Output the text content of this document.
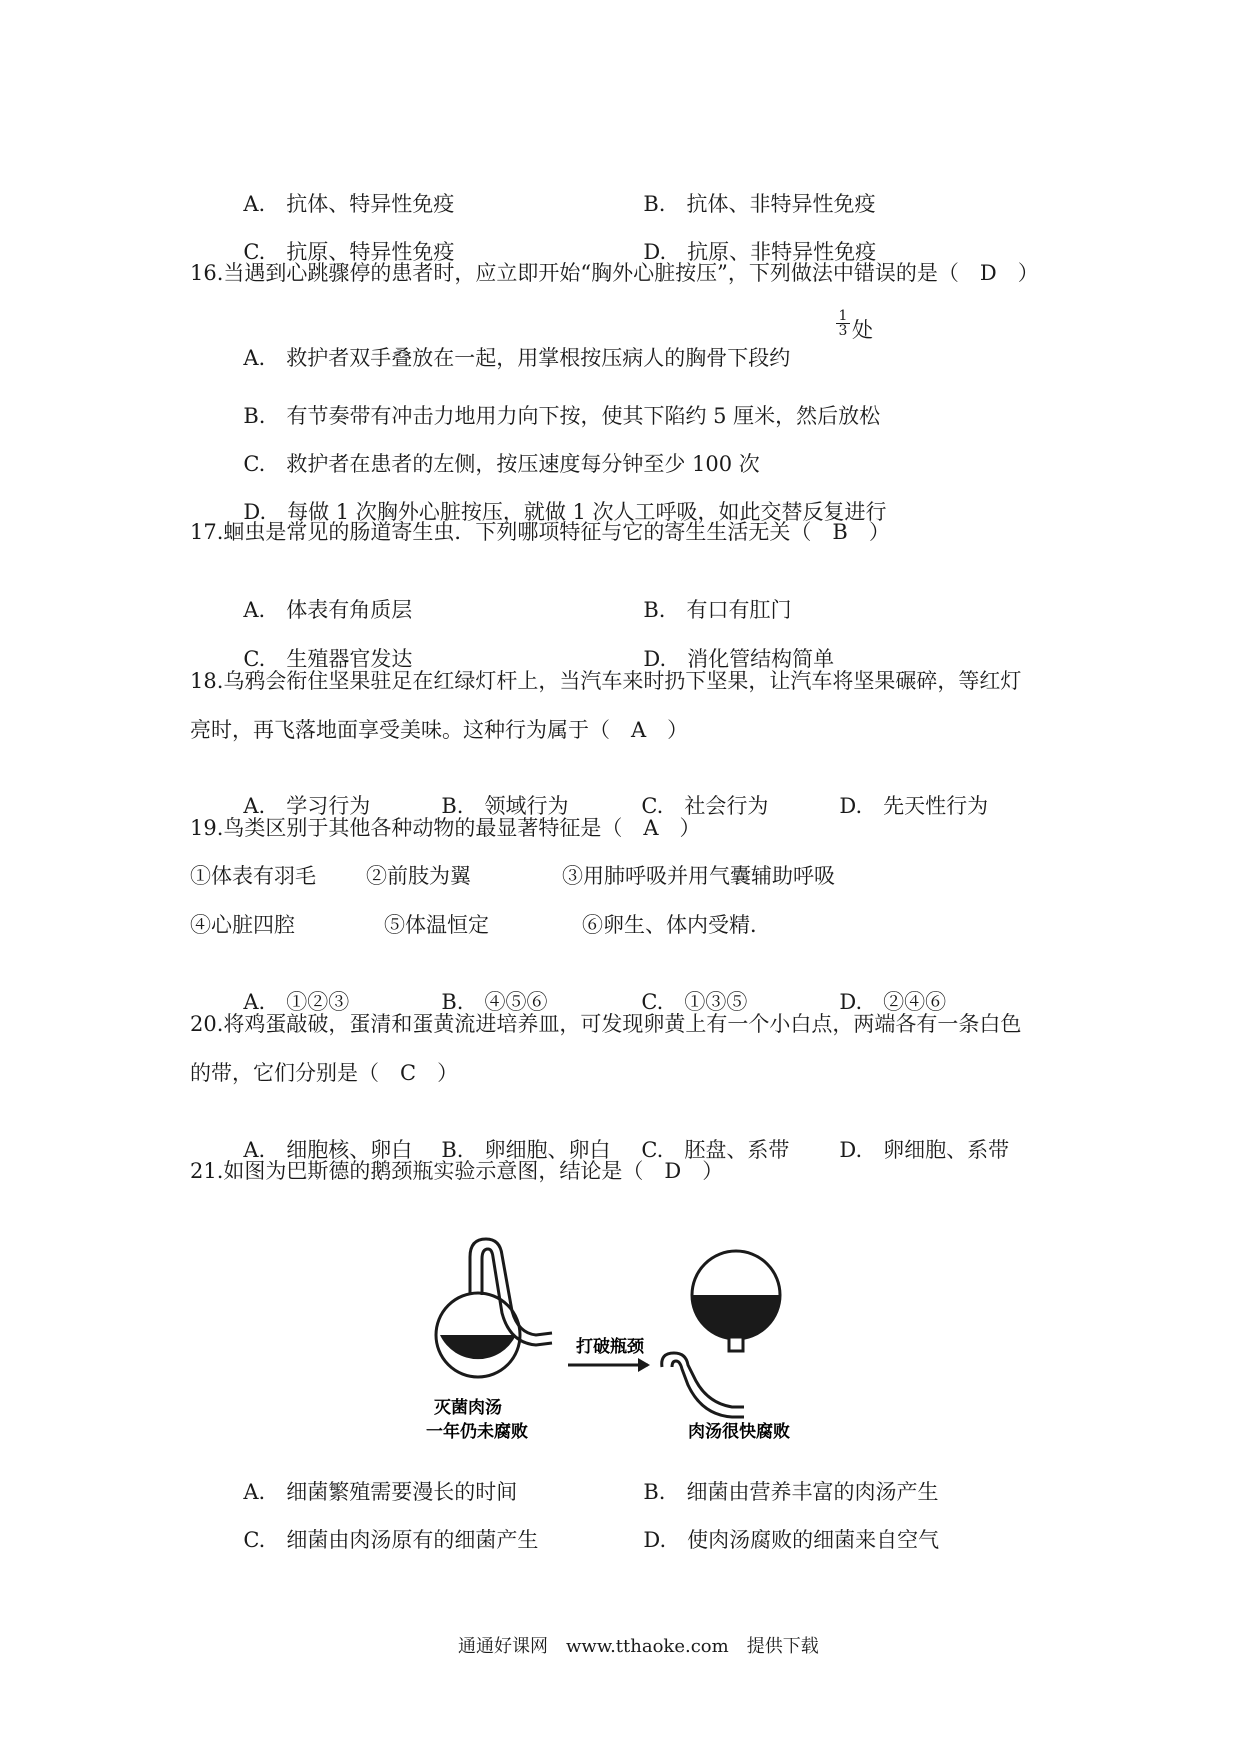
A.　 抗体、特异性免疫	B.　 抗体、非特异性免疫

C.　 抗原、特异性免疫	D.　 抗原、非特异性免疫

16.当遇到心跳骤停的患者时，应立即开始“胸外心脏按压”，下列做法中错误的是（　D　）

A.　 救护者双手叠放在一起，用掌根按压病人的胸骨下段约

$\frac{1}{3}$ 处

B.　 有节奏带有冲击力地用力向下按，使其下陷约 5 厘米，然后放松

C.　 救护者在患者的左侧，按压速度每分钟至少 100 次

D.　 每做 1 次胸外心脏按压，就做 1 次人工呼吸，如此交替反复进行

17.蛔虫是常见的肠道寄生虫．下列哪项特征与它的寄生生活无关（　B　）

A.　 体表有角质层	B.　 有口有肛门

C.　 生殖器官发达	D.　 消化管结构简单

18.乌鸦会衔住坚果驻足在红绿灯杆上，当汽车来时扔下坚果，让汽车将坚果碾碎，等红灯
亮时，再飞落地面享受美味。这种行为属于（　A　）

A.　 学习行为	B.　 领域行为	C.　 社会行为	D.　 先天性行为

19.鸟类区别于其他各种动物的最显著特征是（　A　）
①体表有羽毛 ②前肢为翼	③用肺呼吸并用气囊辅助呼吸
④心脏四腔	⑤体温恒定	⑥卵生、体内受精．

A.　 ①②③	B.　 ④⑤⑥	C.　 ①③⑤	D.　 ②④⑥

20.将鸡蛋敲破，蛋清和蛋黄流进培养皿，可发现卵黄上有一个小白点，两端各有一条白色
的带，它们分别是（　C　）

A.　 细胞核、卵白	B.　 卵细胞、卵白	C.　 胚盘、系带	D.　 卵细胞、系带

21.如图为巴斯德的鹅颈瓶实验示意图，结论是（　D　）
打破瓶颈
灭菌肉汤
一年仍未腐败	肉汤很快腐败

A.　 细菌繁殖需要漫长的时间	B.　 细菌由营养丰富的肉汤产生

C.　 细菌由肉汤原有的细菌产生	D.　 使肉汤腐败的细菌来自空气

通通好课网　www.tthaoke.com　提供下载
